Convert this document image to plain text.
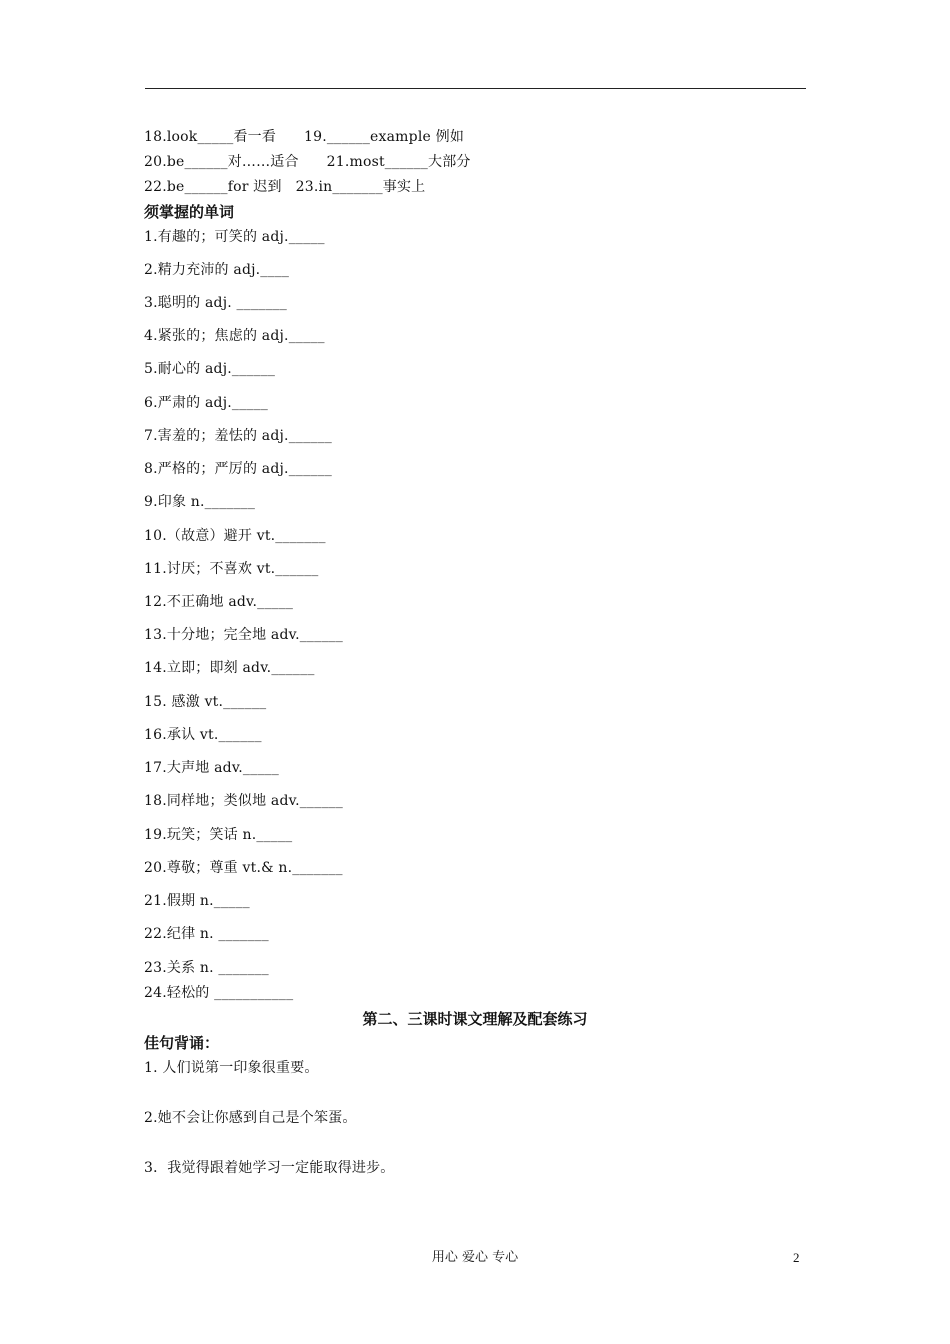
18.look_____看一看      19.______example 例如
20.be______对……适合      21.most______大部分
22.be______for 迟到   23.in_______事实上
须掌握的单词
1.有趣的；可笑的 adj._____
2.精力充沛的 adj.____
3.聪明的 adj. _______
4.紧张的；焦虑的 adj._____
5.耐心的 adj.______
6.严肃的 adj._____
7.害羞的；羞怯的 adj.______
8.严格的；严厉的 adj.______
9.印象 n._______
10.（故意）避开 vt._______
11.讨厌；不喜欢 vt.______
12.不正确地 adv._____
13.十分地；完全地 adv.______
14.立即；即刻 adv.______
15. 感激 vt.______
16.承认 vt.______
17.大声地 adv._____
18.同样地；类似地 adv.______
19.玩笑；笑话 n._____
20.尊敬；尊重 vt.& n._______
21.假期 n._____
22.纪律 n. _______
23.关系 n. _______
24.轻松的 ___________
第二、三课时课文理解及配套练习
佳句背诵：
1. 人们说第一印象很重要。
2.她不会让你感到自己是个笨蛋。
3．我觉得跟着她学习一定能取得进步。
用心 爱心 专心	2
